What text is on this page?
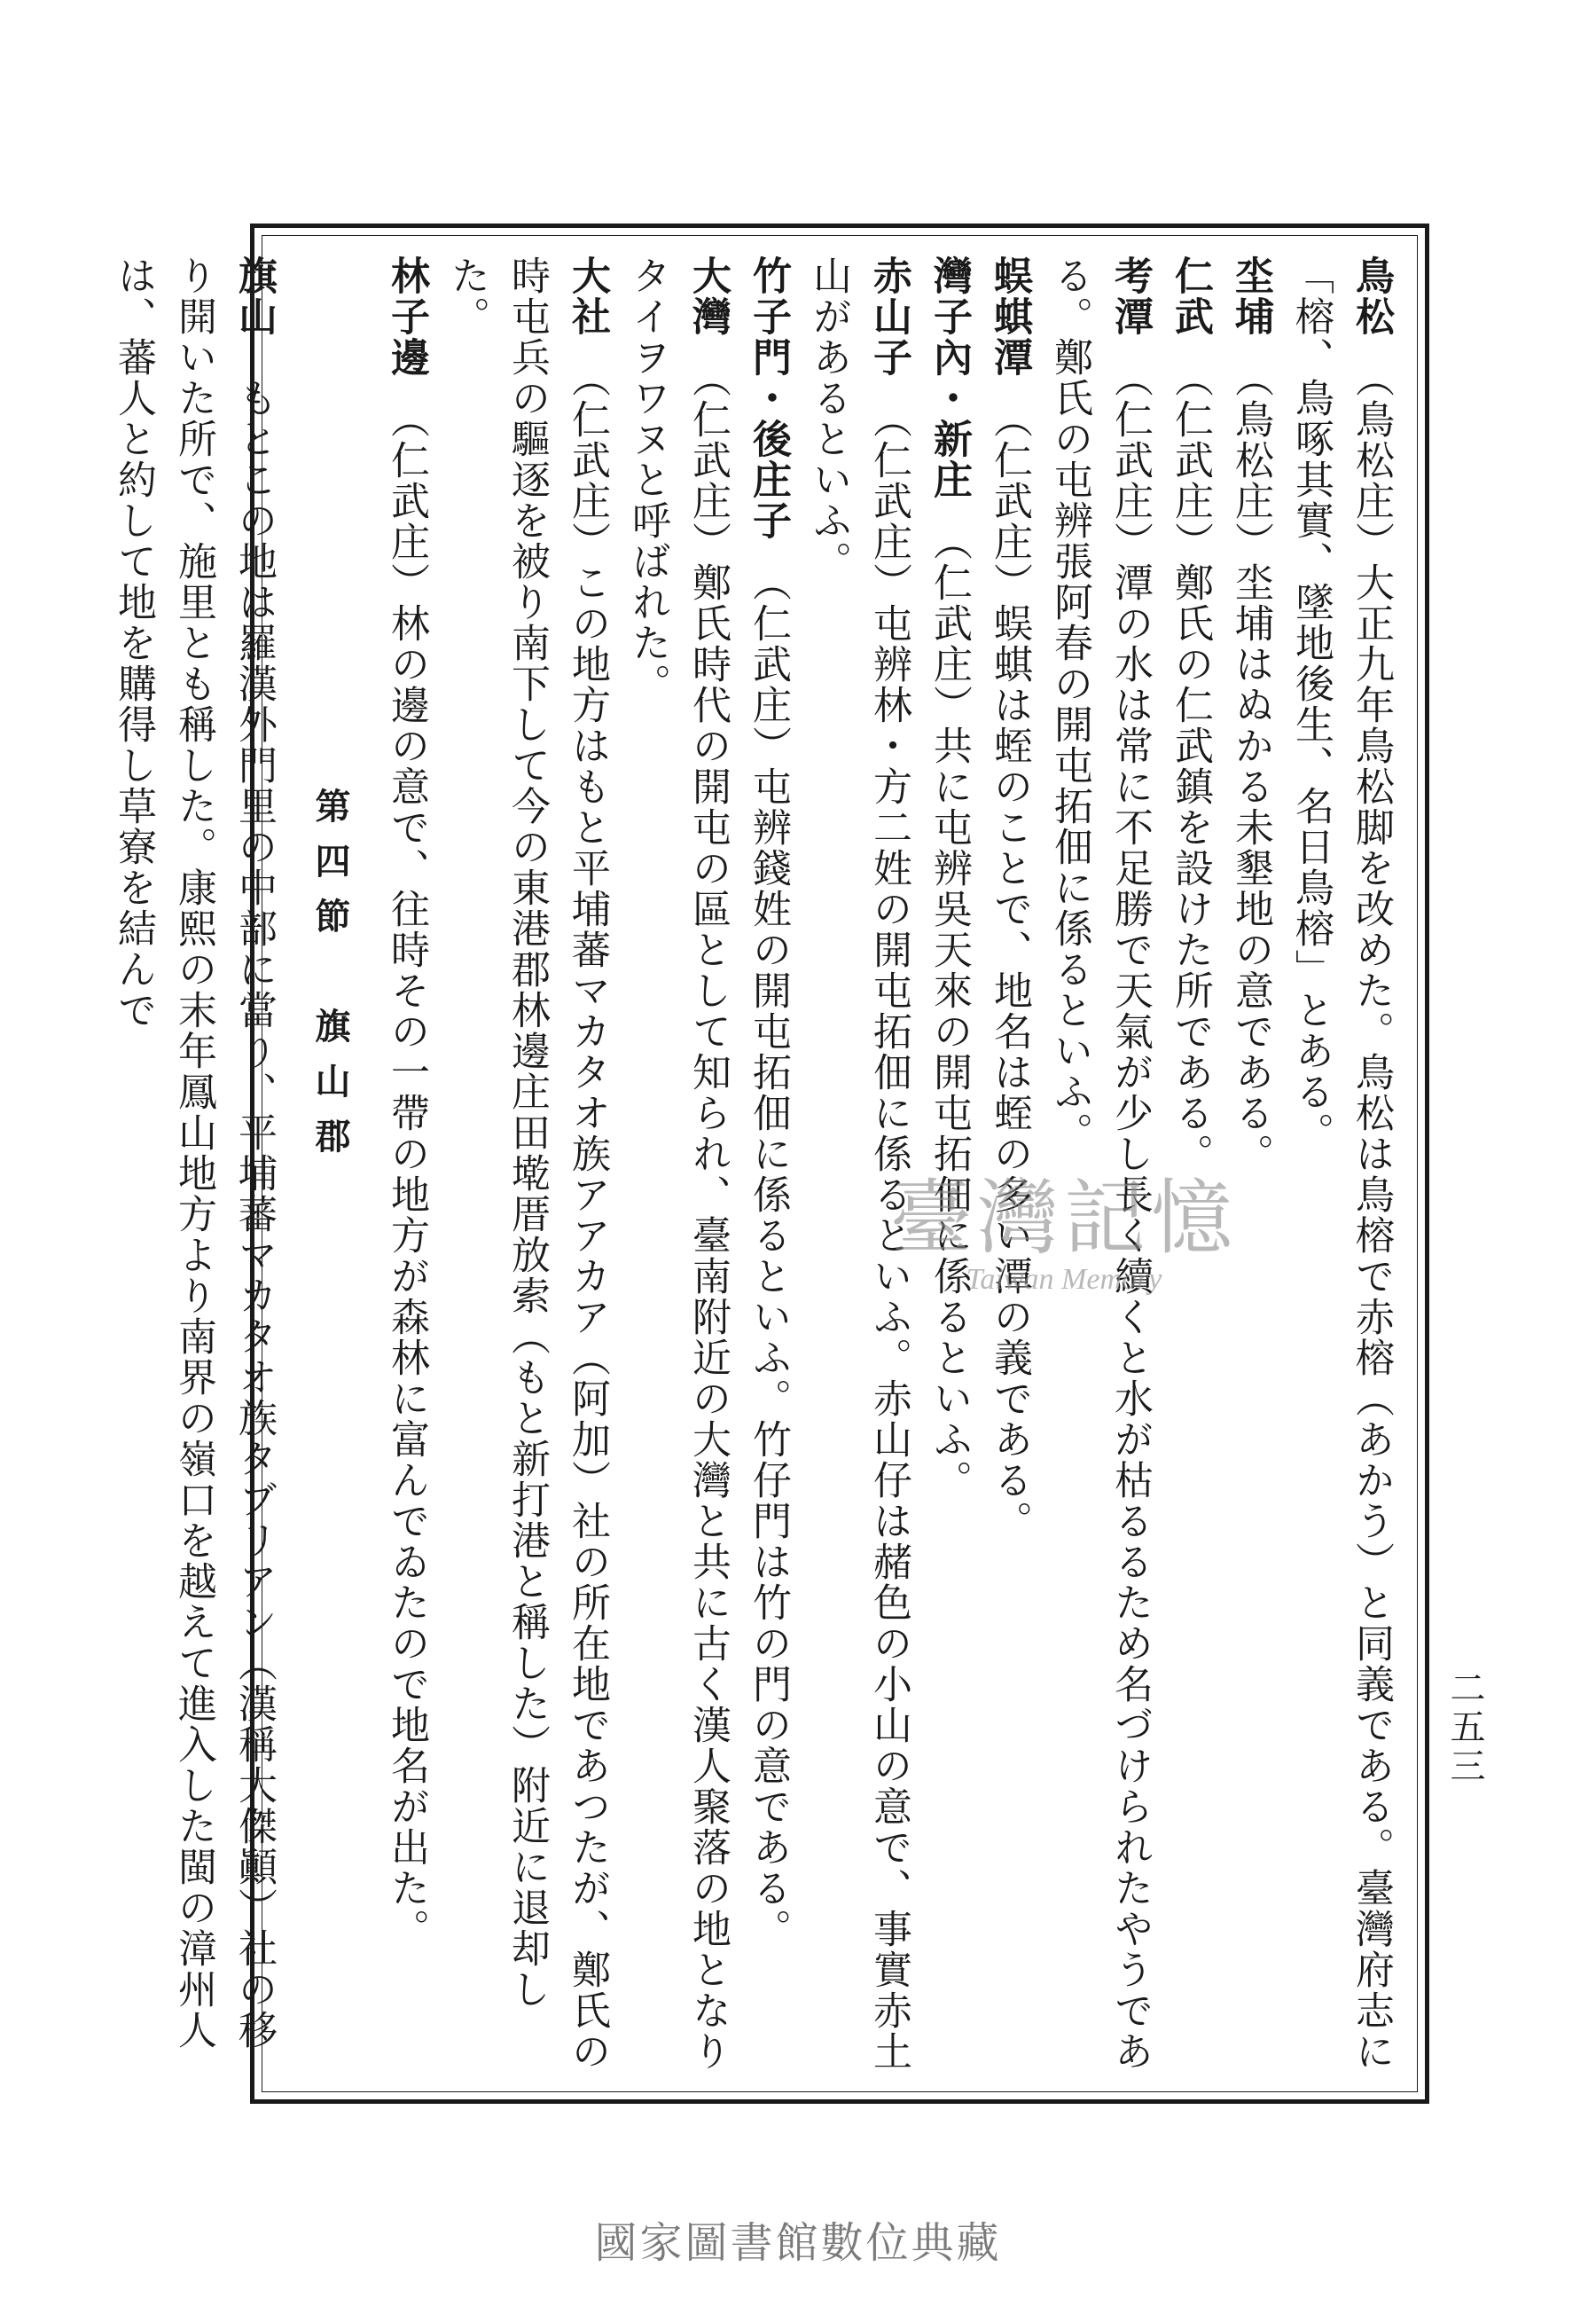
鳥松　（鳥松庄）大正九年鳥松脚を改めた。鳥松は鳥榕で赤榕（あかう）と同義である。臺灣府志に「榕、鳥啄其實、墜地後生、名日鳥榕」とある。

坔埔　（鳥松庄）坔埔はぬかる未墾地の意である。

仁武　（仁武庄）鄭氏の仁武鎮を設けた所である。

考潭　（仁武庄）潭の水は常に不足勝で天氣が少し長く續くと水が枯るるため名づけられたやうである。鄭氏の屯辨張阿春の開屯拓佃に係るといふ。

蜈蜞潭　（仁武庄）蜈蜞は蛭のことで、地名は蛭の多い潭の義である。

灣子內・新庄　（仁武庄）共に屯辨吳天來の開屯拓佃に係るといふ。

赤山子　（仁武庄）屯辨林・方二姓の開屯拓佃に係るといふ。赤山仔は赭色の小山の意で、事實赤土山があるといふ。

竹子門・後庄子　（仁武庄）屯辨錢姓の開屯拓佃に係るといふ。竹仔門は竹の門の意である。

大灣　（仁武庄）鄭氏時代の開屯の區として知られ、臺南附近の大灣と共に古く漢人聚落の地となりタイヲワヌと呼ばれた。

大社　（仁武庄）この地方はもと平埔蕃マカタオ族アアカア（阿加）社の所在地であつたが、鄭氏の時屯兵の驅逐を被り南下して今の東港郡林邊庄田墘厝放索（もと新打港と稱した）附近に退却した。

林子邊　（仁武庄）林の邊の意で、往時その一帶の地方が森林に富んでゐたので地名が出た。

第四節　旗山郡

旗山　もとこの地は羅漢外門里の中部に當り、平埔蕃マカタオ族タブリアン（漢稱大傑顚）社の移り開いた所で、施里とも稱した。康熙の末年鳳山地方より南界の嶺口を越えて進入した閩の漳州人は、蕃人と約して地を購得し草寮を結んで

二五三
臺灣記憶
Taiwan Memory
國家圖書館數位典藏
